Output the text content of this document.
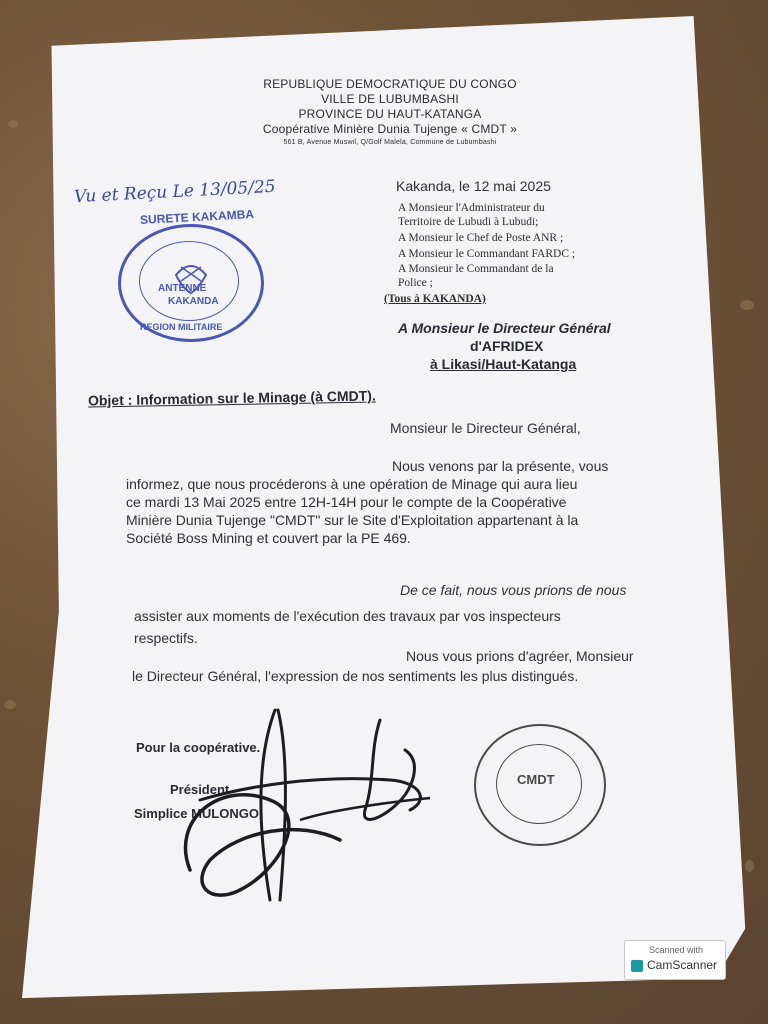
REPUBLIQUE DEMOCRATIQUE DU CONGO
VILLE DE LUBUMBASHI
PROVINCE DU HAUT-KATANGA
Coopérative Minière Dunia Tujenge « CMDT »
561 B, Avenue Muswil, Q/Golf Malela, Commune de Lubumbashi
Vu et Reçu Le 13/05/25
SURETE KAKAMBA
ANTENNE
KAKANDA
REGION MILITAIRE
Kakanda, le 12 mai 2025
A Monsieur l'Administrateur du
Territoire de Lubudi à Lubudi;
A Monsieur le Chef de Poste ANR ;
A Monsieur le Commandant FARDC ;
A Monsieur le Commandant de la
Police ;
(Tous à KAKANDA)
A Monsieur le Directeur Général
d'AFRIDEX
à Likasi/Haut-Katanga
Objet : Information sur le Minage (à CMDT).
Monsieur le Directeur Général,
Nous venons par la présente, vous
informez, que nous procéderons à une opération de Minage qui aura lieu
ce mardi 13 Mai 2025 entre 12H-14H pour le compte de la Coopérative
Minière Dunia Tujenge "CMDT" sur le Site d'Exploitation appartenant à la
Société Boss Mining et couvert par la PE 469.
De ce fait, nous vous prions de nous
assister aux moments de l'exécution des travaux par vos inspecteurs
respectifs.
Nous vous prions d'agréer, Monsieur
le Directeur Général, l'expression de nos sentiments les plus distingués.
Pour la coopérative.
Président
Simplice MULONGO
CMDT
Scanned with
CamScanner
